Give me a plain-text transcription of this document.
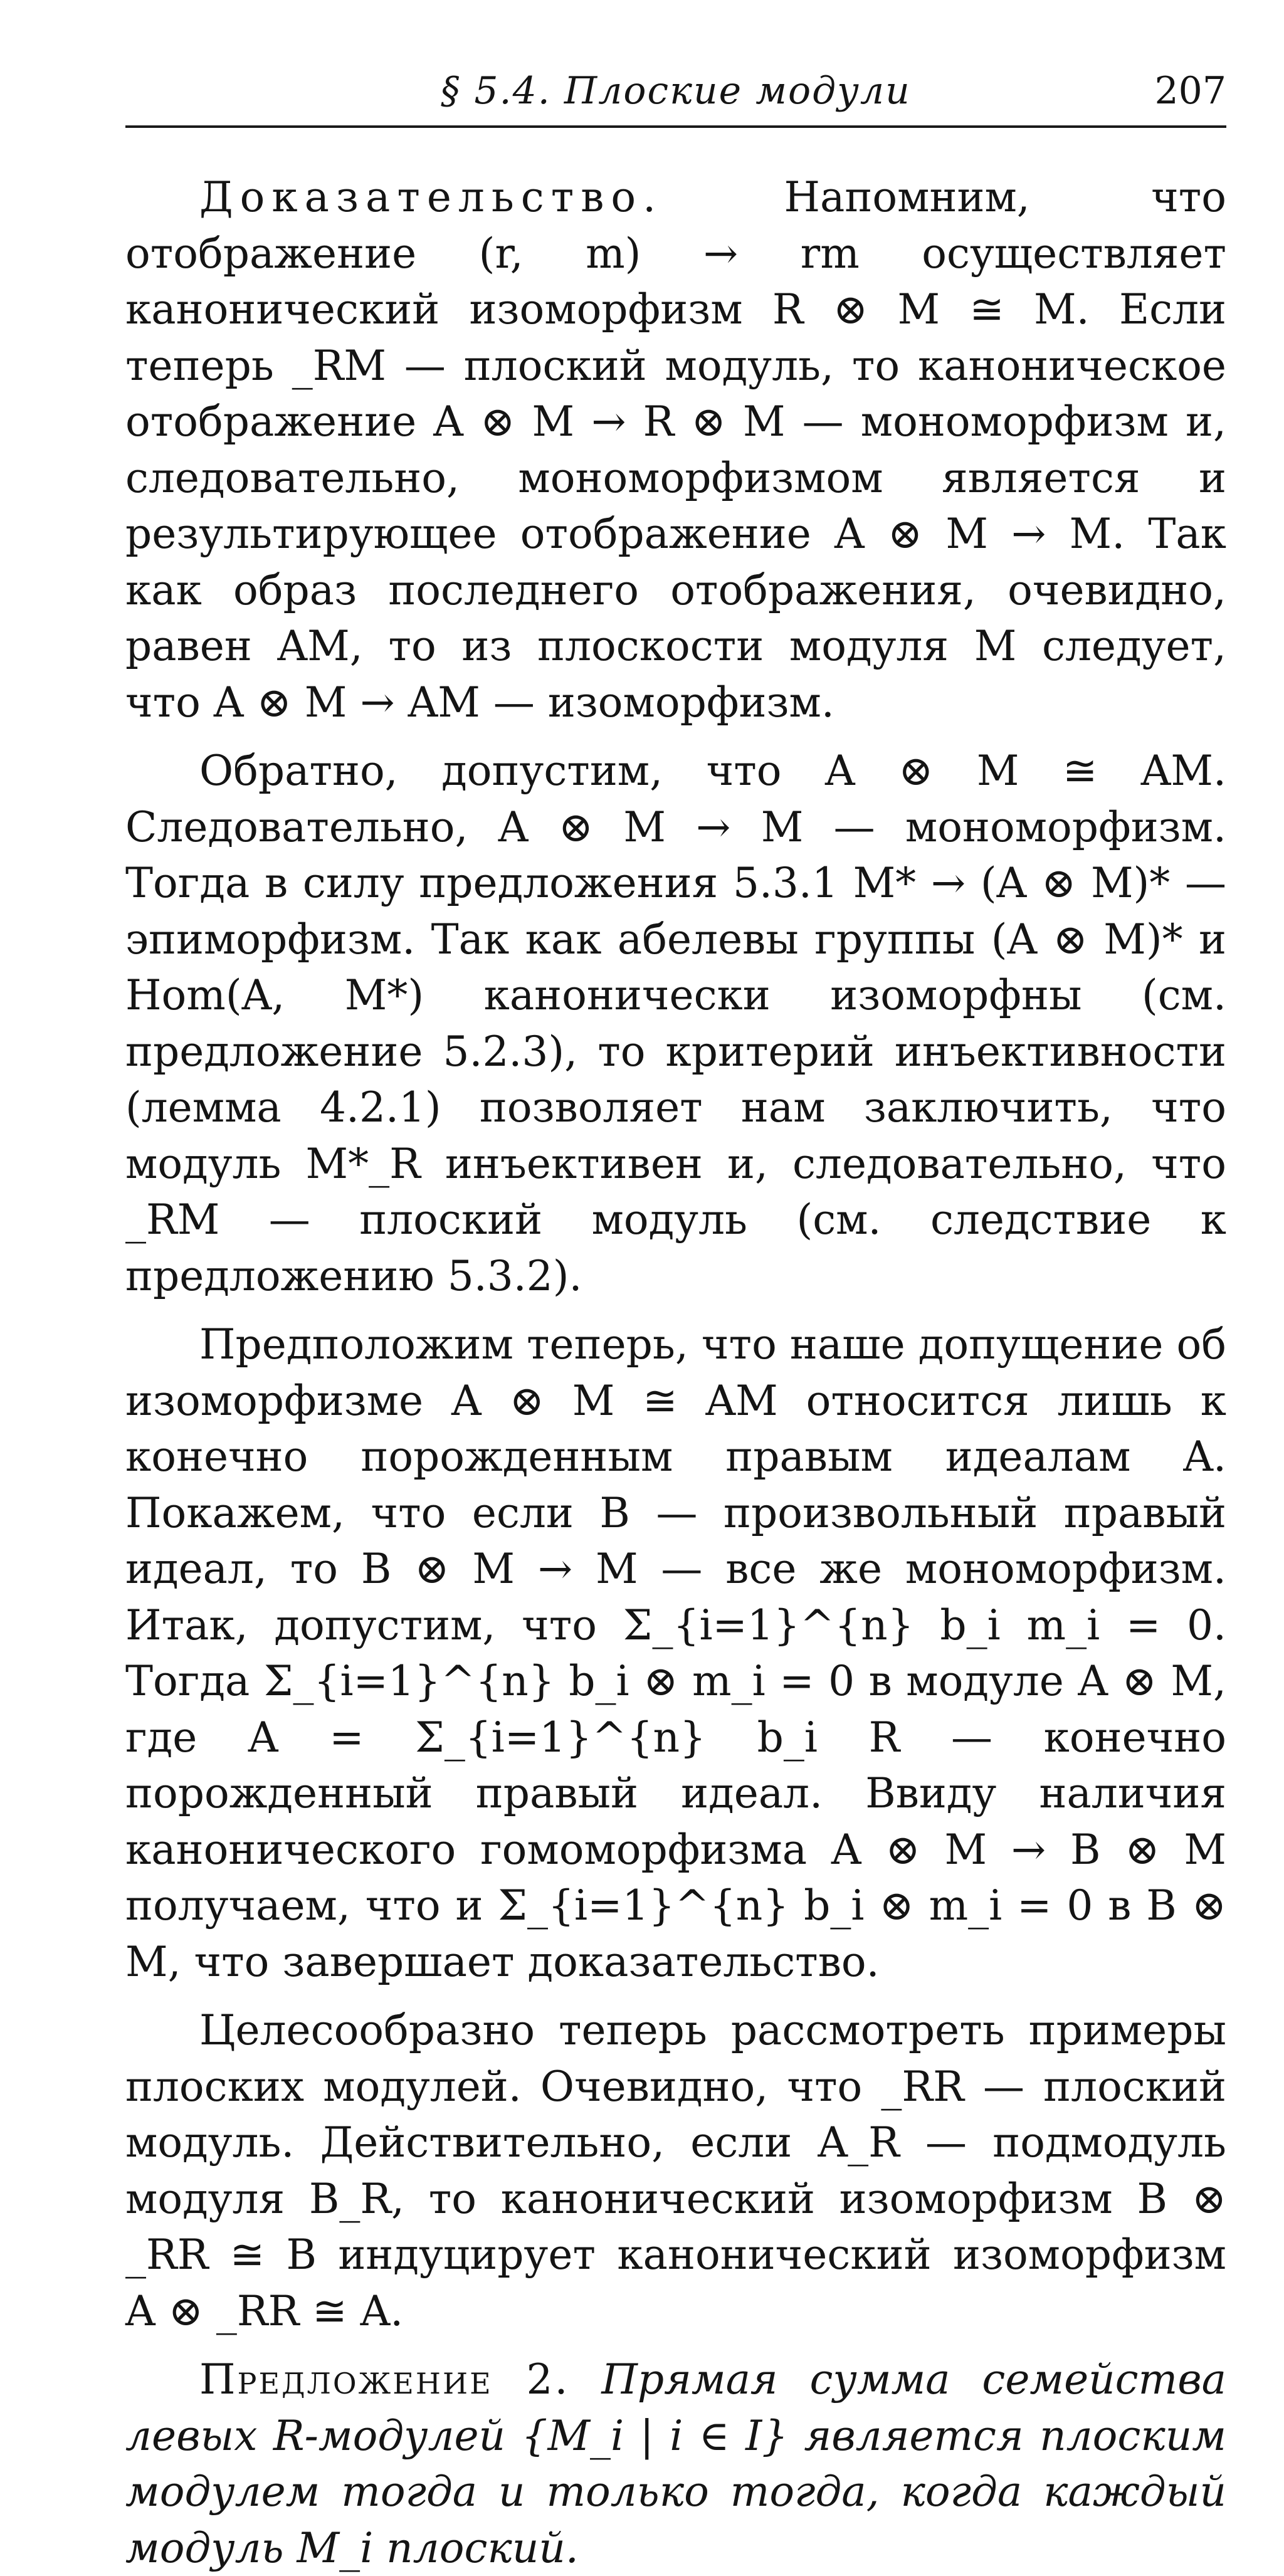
§ 5.4. Плоские модули	207

Доказательство.	Напомним, что отображение (r, m) → rm осуществляет канонический изоморфизм R ⊗ M ≅ M. Если теперь _RM — плоский модуль, то каноническое отображение A ⊗ M → R ⊗ M — мономорфизм и, следовательно, мономорфизмом является и результирующее отображение A ⊗ M → M. Так как образ последнего отображения, очевидно, равен AM, то из плоскости модуля M следует, что A ⊗ M → AM — изоморфизм.

Обратно, допустим, что A ⊗ M ≅ AM. Следовательно, A ⊗ M → M — мономорфизм. Тогда в силу предложения 5.3.1 M* → (A ⊗ M)* — эпиморфизм. Так как абелевы группы (A ⊗ M)* и Hom(A, M*) канонически изоморфны (см. предложение 5.2.3), то критерий инъективности (лемма 4.2.1) позволяет нам заключить, что модуль M*_R инъективен и, следовательно, что _RM — плоский модуль (см. следствие к предложению 5.3.2).

Предположим теперь, что наше допущение об изоморфизме A ⊗ M ≅ AM относится лишь к конечно порожденным правым идеалам A. Покажем, что если B — произвольный правый идеал, то B ⊗ M → M — все же мономорфизм. Итак, допустим, что Σ_{i=1}^{n} b_i m_i = 0. Тогда Σ_{i=1}^{n} b_i ⊗ m_i = 0 в модуле A ⊗ M, где A = Σ_{i=1}^{n} b_i R — конечно порожденный правый идеал. Ввиду наличия канонического гомоморфизма A ⊗ M → B ⊗ M получаем, что и Σ_{i=1}^{n} b_i ⊗ m_i = 0 в B ⊗ M, что завершает доказательство.

Целесообразно теперь рассмотреть примеры плоских модулей. Очевидно, что _RR — плоский модуль. Действительно, если A_R — подмодуль модуля B_R, то канонический изоморфизм B ⊗ _RR ≅ B индуцирует канонический изоморфизм A ⊗ _RR ≅ A.

Предложение 2. Прямая сумма семейства левых R-модулей {M_i | i ∈ I} является плоским модулем тогда и только тогда, когда каждый модуль M_i плоский.
